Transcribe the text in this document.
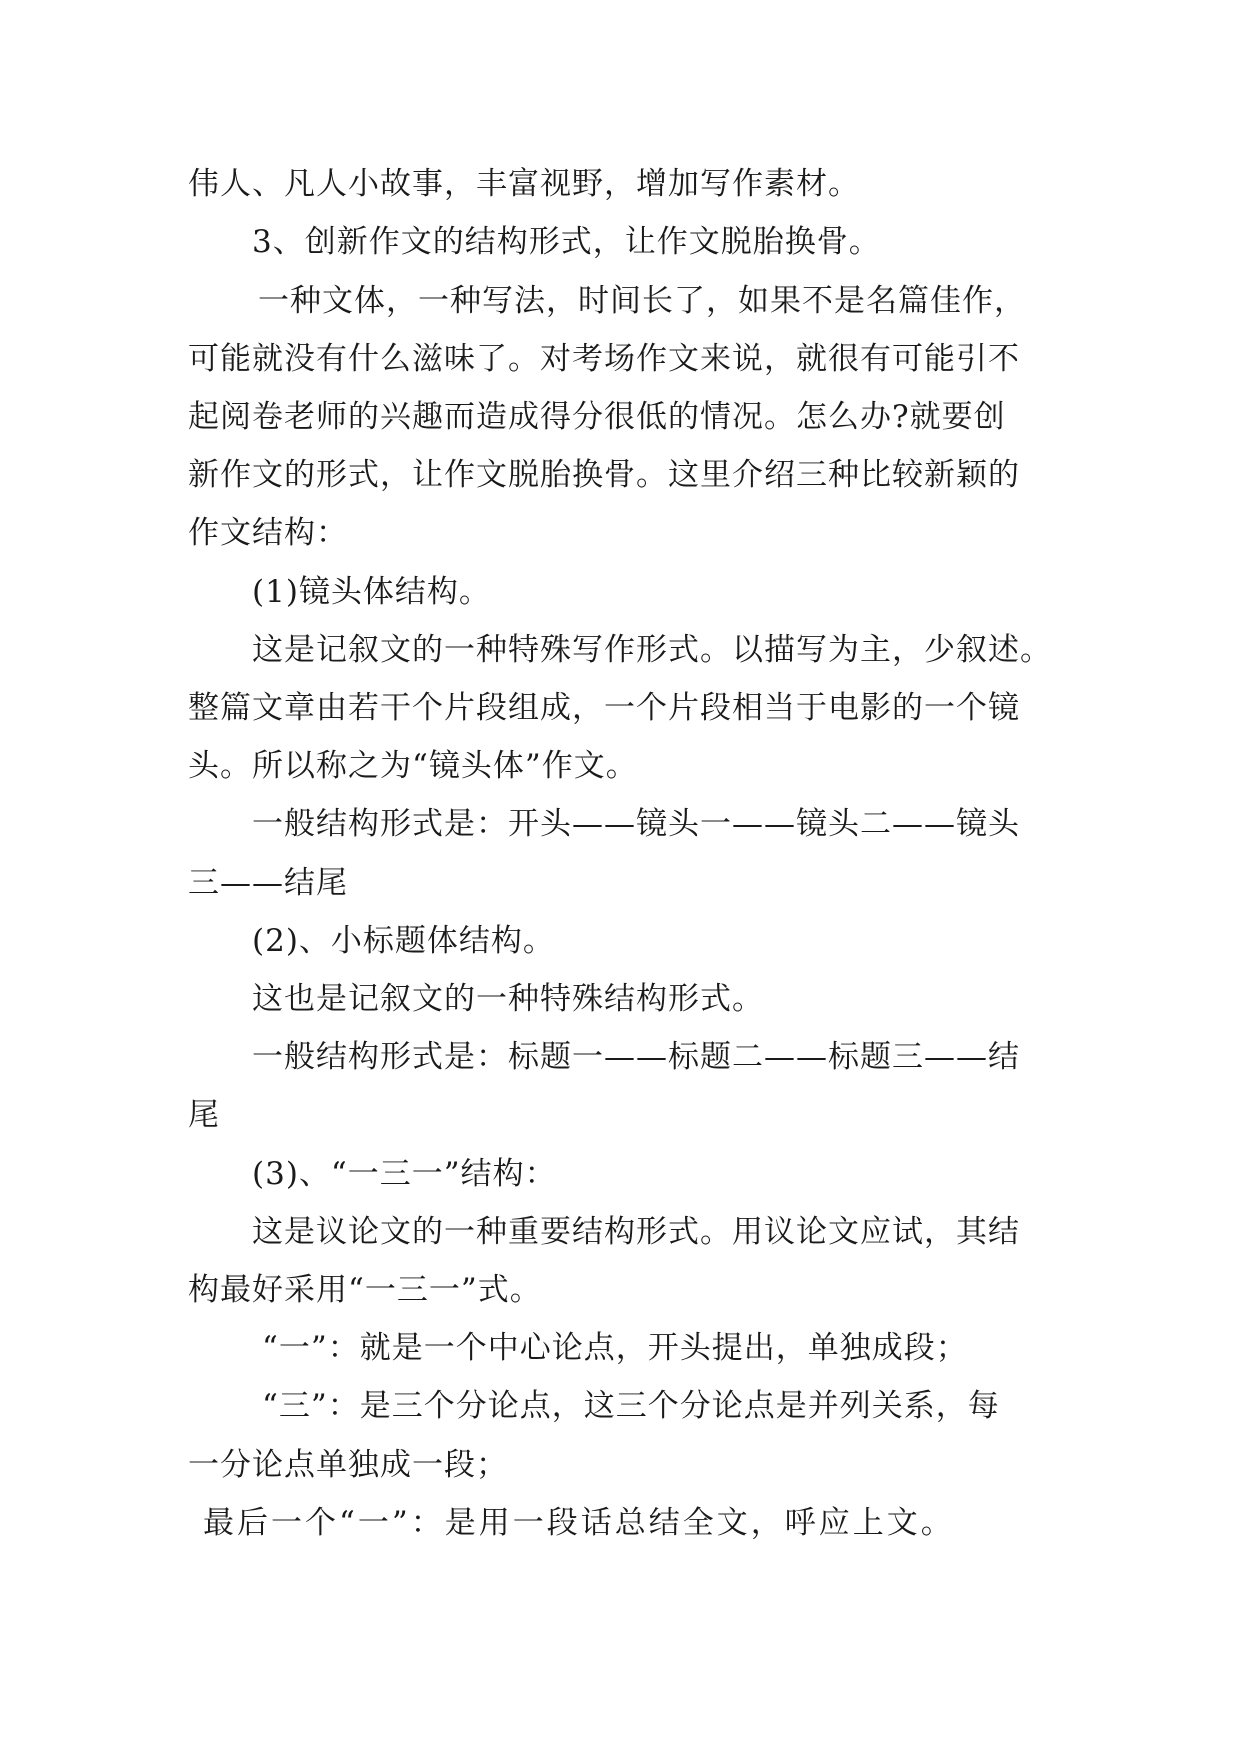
伟人、凡人小故事，丰富视野，增加写作素材。
3、创新作文的结构形式，让作文脱胎换骨。
一种文体，一种写法，时间长了，如果不是名篇佳作，
可能就没有什么滋味了。对考场作文来说，就很有可能引不
起阅卷老师的兴趣而造成得分很低的情况。怎么办?就要创
新作文的形式，让作文脱胎换骨。这里介绍三种比较新颖的
作文结构：
(1)镜头体结构。
这是记叙文的一种特殊写作形式。以描写为主，少叙述。
整篇文章由若干个片段组成，一个片段相当于电影的一个镜
头。所以称之为“镜头体”作文。
一般结构形式是：开头——镜头一——镜头二——镜头
三——结尾
(2)、小标题体结构。
这也是记叙文的一种特殊结构形式。
一般结构形式是：标题一——标题二——标题三——结
尾
(3)、“一三一”结构：
这是议论文的一种重要结构形式。用议论文应试，其结
构最好采用“一三一”式。
“一”：就是一个中心论点，开头提出，单独成段；
“三”：是三个分论点，这三个分论点是并列关系，每
一分论点单独成一段；
最后一个“一”：是用一段话总结全文，呼应上文。
